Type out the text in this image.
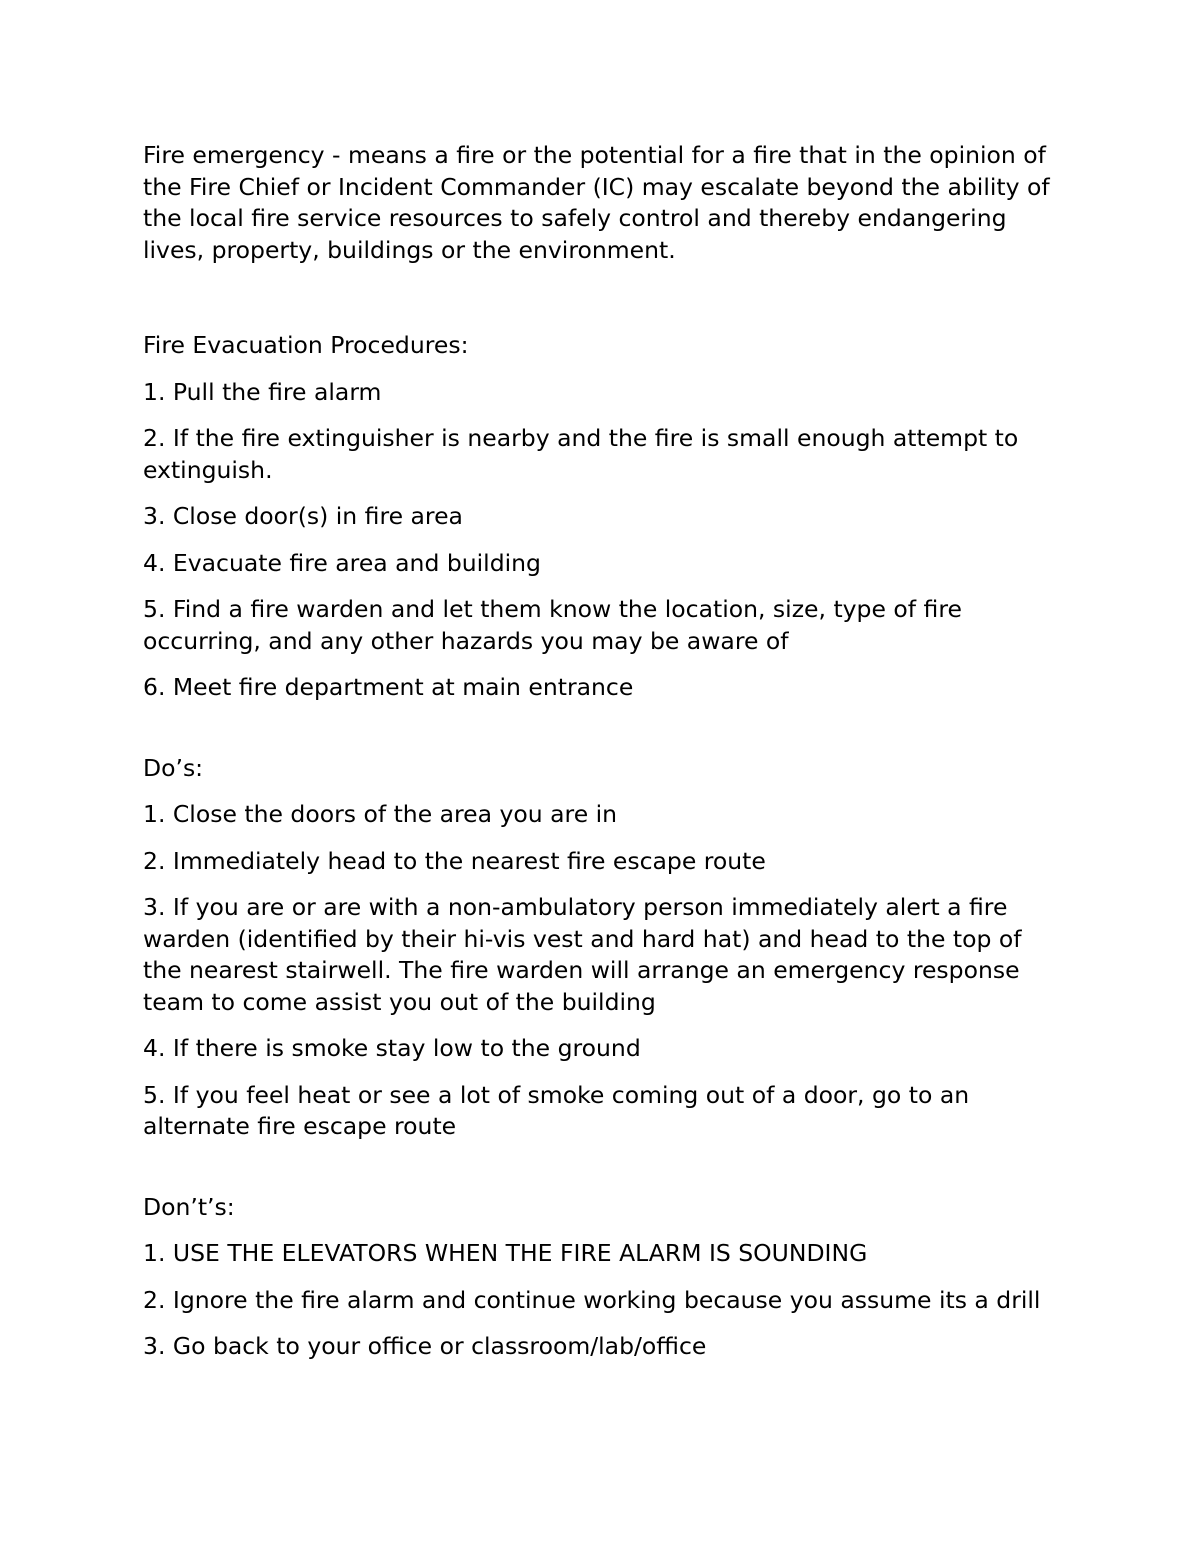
Fire emergency - means a fire or the potential for a fire that in the opinion of the Fire Chief or Incident Commander (IC) may escalate beyond the ability of the local fire service resources to safely control and thereby endangering lives, property, buildings or the environment.

Fire Evacuation Procedures:

1. Pull the fire alarm
2. If the fire extinguisher is nearby and the fire is small enough attempt to extinguish.
3. Close door(s) in fire area
4. Evacuate fire area and building
5. Find a fire warden and let them know the location, size, type of fire occurring, and any other hazards you may be aware of
6. Meet fire department at main entrance

Do’s:

1. Close the doors of the area you are in
2. Immediately head to the nearest fire escape route
3. If you are or are with a non-ambulatory person immediately alert a fire warden (identified by their hi-vis vest and hard hat) and head to the top of the nearest stairwell. The fire warden will arrange an emergency response team to come assist you out of the building
4. If there is smoke stay low to the ground
5. If you feel heat or see a lot of smoke coming out of a door, go to an alternate fire escape route

Don’t’s:

1. USE THE ELEVATORS WHEN THE FIRE ALARM IS SOUNDING
2. Ignore the fire alarm and continue working because you assume its a drill
3. Go back to your office or classroom/lab/office
